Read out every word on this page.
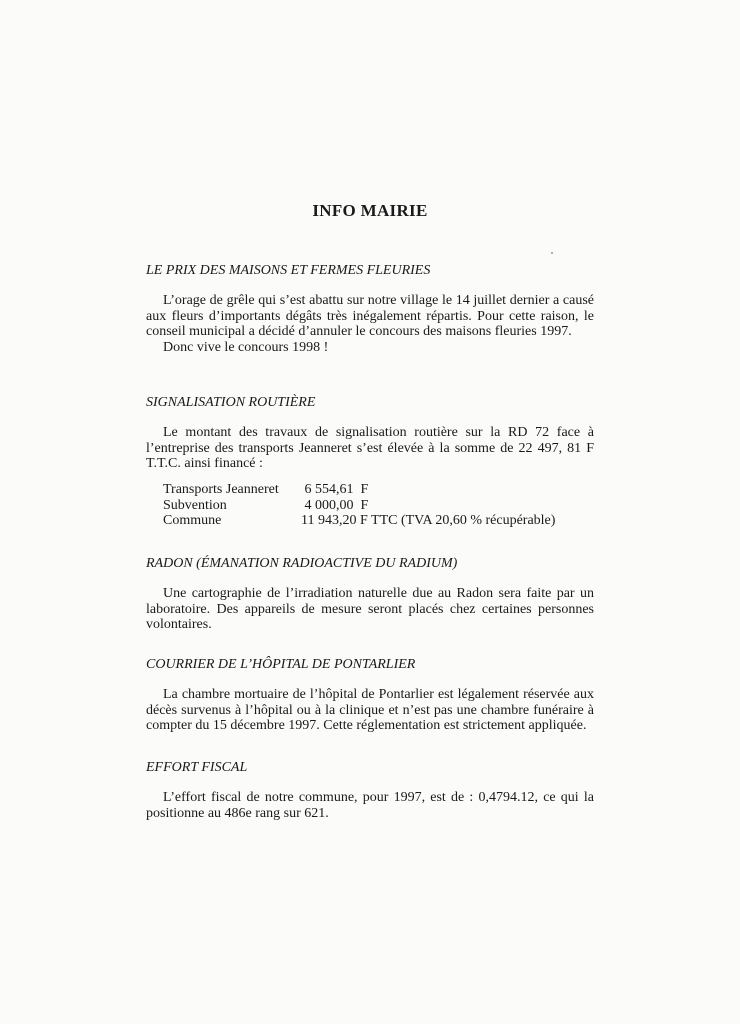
INFO MAIRIE

LE PRIX DES MAISONS ET FERMES FLEURIES

L’orage de grêle qui s’est abattu sur notre village le 14 juillet dernier a causé aux fleurs d’importants dégâts très inégalement répartis. Pour cette raison, le conseil municipal a décidé d’annuler le concours des maisons fleuries 1997.

Donc vive le concours 1998 !

SIGNALISATION ROUTIÈRE

Le montant des travaux de signalisation routière sur la RD 72 face à l’entreprise des transports Jeanneret s’est élevée à la somme de 22 497, 81 F T.T.C. ainsi financé :

Transports Jeanneret	6 554,61  F
Subvention	4 000,00  F
Commune	11 943,20 F TTC (TVA 20,60 % récupérable)

RADON (ÉMANATION RADIOACTIVE DU RADIUM)

Une cartographie de l’irradiation naturelle due au Radon sera faite par un laboratoire. Des appareils de mesure seront placés chez certaines personnes volontaires.

COURRIER DE L’HÔPITAL DE PONTARLIER

La chambre mortuaire de l’hôpital de Pontarlier est légalement réservée aux décès survenus à l’hôpital ou à la clinique et n’est pas une chambre funéraire à compter du 15 décembre 1997. Cette réglementation est strictement appliquée.

EFFORT FISCAL

L’effort fiscal de notre commune, pour 1997, est de : 0,4794.12, ce qui la positionne au 486e rang sur 621.
